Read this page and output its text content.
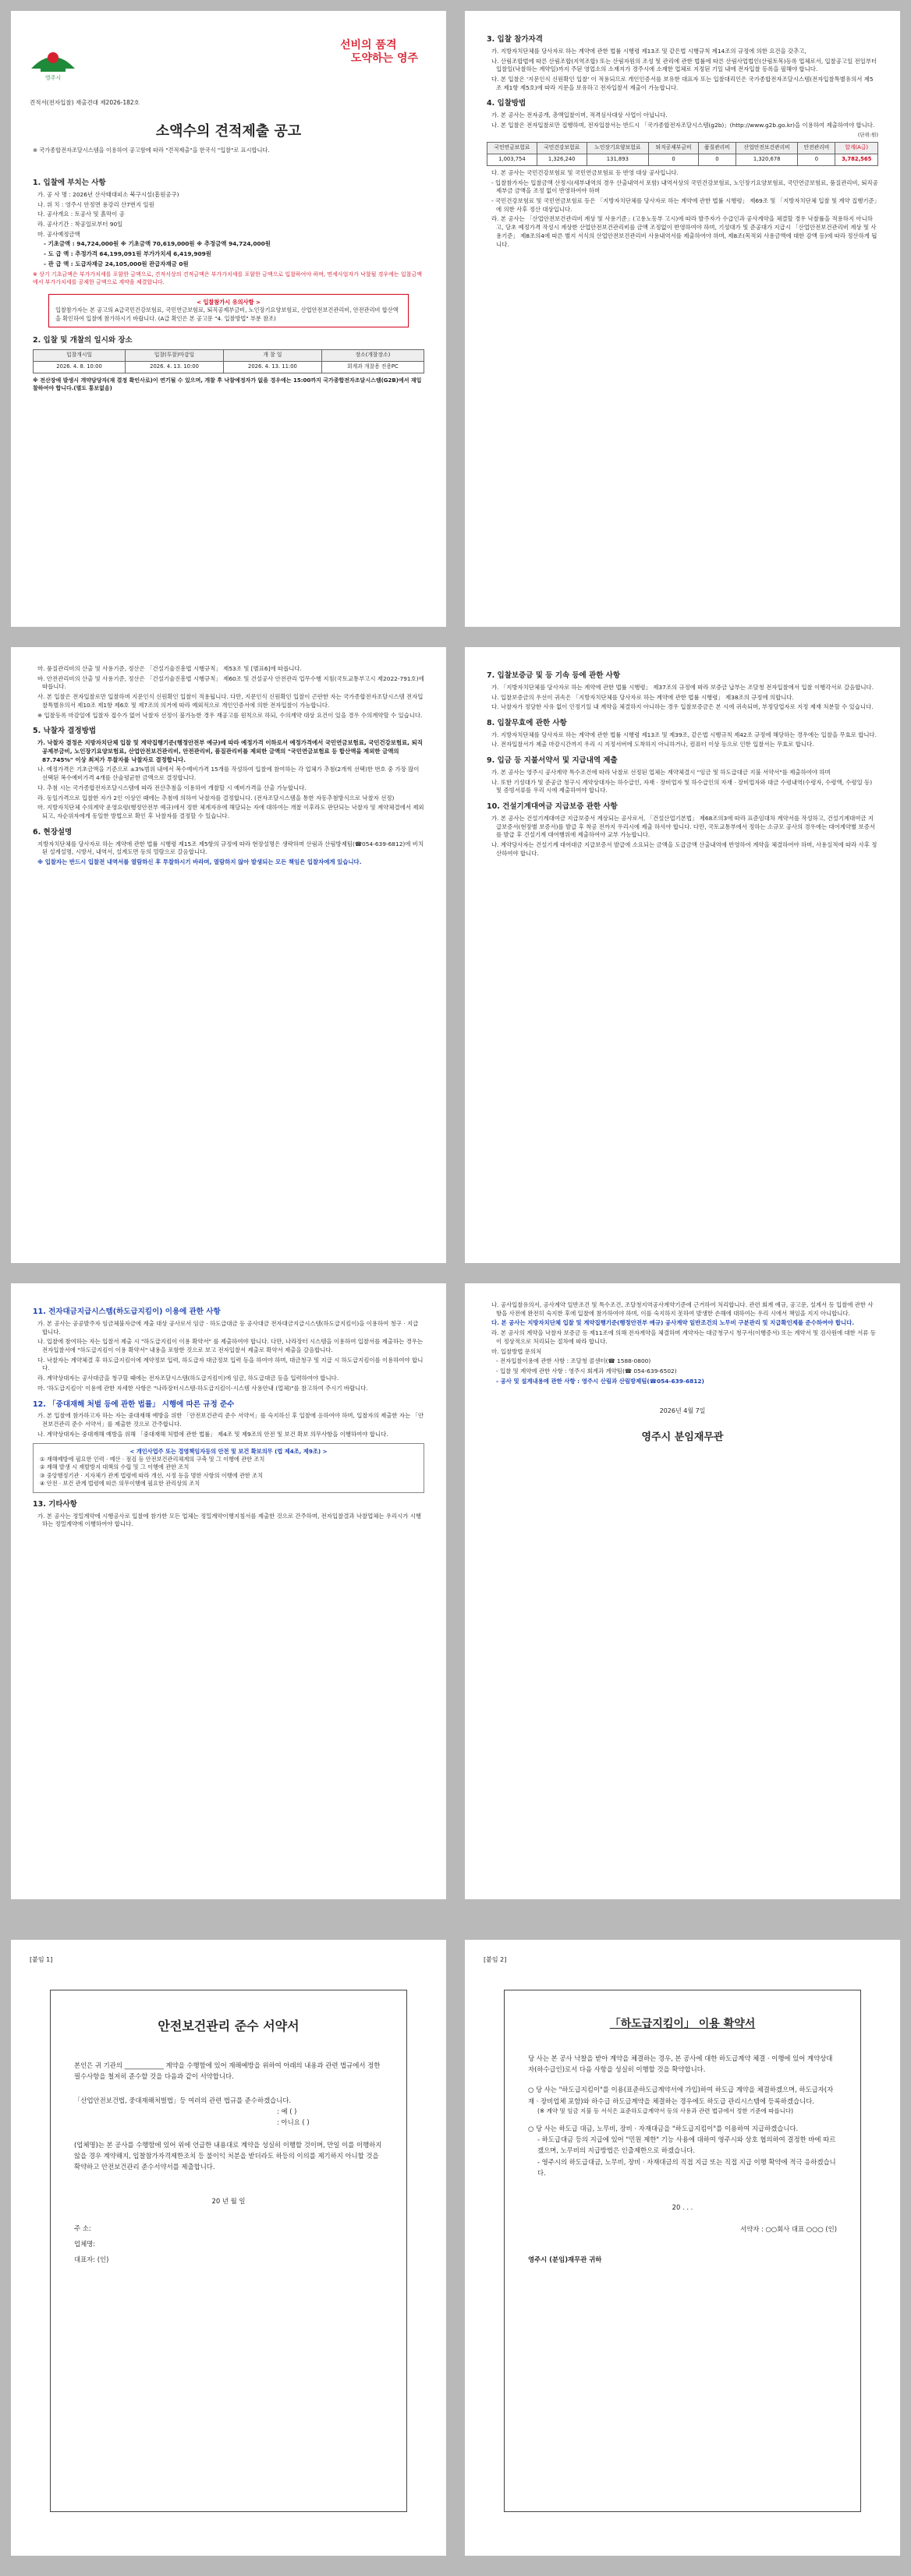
영주시
선비의 품격
도약하는 영주
견적서(전자입찰) 재출견대 제2026-182호
소액수의 견적제출 공고
※ 국가종합전자조달시스템을 이용하여 공고함에 따라 "견적제출"을 한국식 "입찰"로 표시합니다.
1. 입찰에 부치는 사항
가. 공 사 명 : 2026년 산사태대피소 북구시설(흠원공구)
나. 위 치 : 영주시 안정면 용강리 산7번지 일원
다. 공사개요 : 토공사 및 흙막이 공
라. 공사기간 : 착공일로부터 90일
마. 공사예정금액
- 기초금액 : 94,724,000원 ※ 기초금액 70,619,000원 ※ 추정금액 94,724,000원
- 도 급 액 : 추정가격 64,199,091원 부가가치세 6,419,909원
- 관 급 액 : 도급자재금 24,105,000원 관급자재금 0원
※ 상기 기초금액은 부가가치세를 포함한 금액으로, 견적서상의 견적금액은 부가가치세를 포함한 금액으로 입찰하여야 하며, 면세사업자가 낙찰될 경우에는 입찰금액에서 부가가치세를 공제한 금액으로 계약을 체결합니다.
< 입찰참가시 유의사항 >
입찰참가자는 본 공고의 A급국민건강보험료, 국민연금보험료, 퇴직공제부금비, 노인장기요양보험료, 산업안전보건관리비, 안전관리비 합산액을 확인하여 입찰에 참가하시기 바랍니다. (A급 확인은 본 공고문 "4. 입찰방법" 부분 참조)
2. 입찰 및 개찰의 일시와 장소
입찰개시일	입찰(투찰)마감일	개 찰 일	장소(개찰장소)
2026. 4. 8. 10:00	2026. 4. 13. 10:00	2026. 4. 13. 11:00	회계과 개찰용 전용PC
※ 전산장애 발생시 개약담당자(재 결정 확인사로)이 연기될 수 있으며, 개찰 후 낙찰예정자가 없을 경우에는 15:00까지 국가종합전자조달시스템(G2B)에서 재입찰하여야 합니다.(별도 통보없음)
3. 입찰 참가자격
가. 지방자치단체를 당사자로 하는 계약에 관한 법률 시행령 제13조 및 같은법 시행규칙 제14조의 규정에 의한 요건을 갖추고,
나. 산림조합법에 따른 산림조합(지역조합) 또는 산림자원의 조성 및 관리에 관한 법률에 따른 산림사업법인(산림토목)등록 업체로서, 입찰공고일 전일부터 입찰일(낙찰하는 계약일)까지 주된 영업소의 소재지가 경주시에 소재한 업체로 지정된 기일 내에 전자입찰 등록을 필해야 합니다.
다. 본 입찰은 '지문인식 신원확인 입찰' 이 적용되므로 개인인증서를 보유한 대표자 또는 입찰대리인은 국가종합전자조달시스템(전자입찰특별유의서 제5조 제1항 제5호)에 따라 지문을 보유하고 전자입찰서 제출이 가능합니다.
4. 입찰방법
가. 본 공사는 전자공개, 총액입찰이며, 적격심사대상 사업이 아닙니다.
나. 본 입찰은 전자입찰로만 집행하며, 전자입찰서는 반드시 「국가종합전자조달시스템(g2b)」(http://www.g2b.go.kr)을 이용하여 제출하여야 합니다.
(단위:원)
국민연금보험료	국민건강보험료	노인장기요양보험료	퇴직공제부금비	품질관리비	산업안전보건관리비	안전관리비	합계(A급)
1,003,754	1,326,240	131,893	0	0	1,320,678	0	3,782,565
다. 본 공사는 국민건강보험료 및 국민연금보험료 등 반영 대상 공사입니다.
- 입찰참가자는 입찰금액 산정시(세부내역의 경우 산출내역서 포함) 내역서상의 국민건강보험료, 노인장기요양보험료, 국민연금보험료, 품질관리비, 퇴직공제부금 금액을 조정 없이 반영하여야 하며
- 국민건강보험료 및 국민연금보험료 등은 「지방자치단체를 당사자로 하는 계약에 관한 법률 시행령」 제69조 및 「지방자치단체 입찰 및 계약 집행기준」에 의한 사후 정산 대상입니다.
라. 본 공사는 「산업안전보건관리비 계상 및 사용기준」(고용노동부 고시)에 따라 발주자가 수급인과 공사계약을 체결할 경우 낙찰률을 적용하지 아니하고, 당초 예정가격 작성시 계상한 산업안전보건관리비를 금액 조정없이 반영하여야 하며, 기성대가 및 준공대가 지급시 「산업안전보건관리비 계상 및 사용기준」 제8조의4에 따른 별지 서식의 산업안전보건관리비 사용내역서를 제출하여야 하며, 제8조(목적외 사용금액에 대한 감액 등)에 따라 정산하게 됩니다.
마. 품질관리비의 산출 및 사용기준, 정산은 「건설기술진흥법 시행규칙」 제53조 및 [별표6]에 따릅니다.
바. 안전관리비의 산출 및 사용기준, 정산은 「건설기술진흥법 시행규칙」 제60조 및 건설공사 안전관리 업무수행 지침(국토교통부고시 제2022-791호)에 따릅니다.
사. 본 입찰은 전자입찰로만 입찰하며 지문인식 신원확인 입찰이 적용됩니다. 다만, 지문인식 신원확인 입찰이 곤란한 자는 국가종합전자조달시스템 전자입찰특별유의서 제10조 제1항 제6호 및 제7조의 의거에 따라 예외적으로 개인인증서에 의한 전자입찰이 가능합니다.
※ 입찰등록 마감일에 입찰자 접수가 없어 낙찰자 선정이 불가능한 경우 재공고를 원칙으로 하되, 수의계약 대상 요건이 있을 경우 수의계약할 수 있습니다.
5. 낙찰자 결정방법
가. 낙찰자 결정은 지방자치단체 입찰 및 계약집행기준(행정안전부 예규)에 따라 예정가격 이하로서 예정가격에서 국민연금보험료, 국민건강보험료, 퇴직공제부금비, 노인장기요양보험료, 산업안전보건관리비, 안전관리비, 품질관리비를 제외한 금액의 "국민연금보험료 등 합산액을 제외한 금액의 87.745%" 이상 최저가 투찰자를 낙찰자로 결정합니다.
나. 예정가격은 기초금액을 기준으로 ±3%범위 내에서 복수예비가격 15개를 작성하여 입찰에 참여하는 각 업체가 추첨(2개씩 선택)한 번호 중 가장 많이 선택된 복수예비가격 4개를 산술평균한 금액으로 결정합니다.
다. 추첨 시는 국가종합전자조달시스템에 따라 전산추첨을 이용하여 개찰할 시 예비가격을 산출 가능합니다.
라. 동일가격으로 입찰한 자가 2인 이상인 때에는 추첨에 의하여 낙찰자를 결정합니다. (전자조달시스템을 통한 자동추첨방식으로 낙찰자 선정)
마. 지방자치단체 수의계약 운영요령(행정안전부 예규)에서 정한 체계자유에 해당되는 자에 대하여는 개찰 이후라도 판단되는 낙찰자 및 계약체결에서 제외되고, 자순위자에게 동일한 방법으로 확인 후 낙찰자를 결정할 수 있습니다.
6. 현장설명
지방자치단체를 당사자로 하는 계약에 관한 법률 시행령 제15조 제5항의 규정에 따라 현장설명은 생략하며 산림과 산림방제팀(☎054-639-6812)에 비치된 설계설명, 시방서, 내역서, 설계도면 등의 열람으로 갈음합니다.
※ 입찰자는 반드시 입찰전 내역서를 열람하신 후 투찰하시기 바라며, 열람하지 않아 발생되는 모든 책임은 입찰자에게 있습니다.
7. 입찰보증금 및 등 기속 등에 관한 사항
가. 「지방자치단체를 당사자로 하는 계약에 관한 법률 시행령」 제37조의 규정에 따라 보증금 납부는 조달청 전자입찰에서 입찰 이행각서로 갈음합니다.
나. 입찰보증금의 우선이 귀속은 「지방자치단체를 당사자로 하는 계약에 관한 법률 시행령」 제38조의 규정에 의합니다.
다. 낙찰자가 정당한 사유 없이 인정기일 내 계약을 체결하지 아니하는 경우 입찰보증금은 본 시에 귀속되며, 부정당업자로 지정 제재 처분할 수 있습니다.
8. 입찰무효에 관한 사항
가. 지방자치단체를 당사자로 하는 계약에 관한 법률 시행령 제13조 및 제39조, 같은법 시행규칙 제42조 규정에 해당하는 경우에는 입찰을 무효로 합니다.
나. 전자입찰서가 제출 마감시간까지 우리 시 지정서버에 도착하지 아니하거나, 컴퓨터 이상 등으로 인한 입찰서는 무효로 합니다.
9. 입금 등 지불서약서 및 지급내역 제출
가. 본 공사는 영주시 공사계약 특수조건에 따라 낙찰로 선정된 업체는 계약체결시 "임금 및 하도급대금 지불 서약서"를 제출하여야 하며
나. 또한 기성대가 및 준공금 청구시 계약상대자는 하수급인, 자재 · 장비업자 및 하수급인의 자재 · 장비업자와 대금 수령내역(수령자, 수령액, 수령일 등) 및 증빙서류를 우리 시에 제출하여야 합니다.
10. 건설기계대여금 지급보증 관한 사항
가. 본 공사는 건설기계대여금 지급보증서 계상되는 공사로서, 「건설산업기본법」 제68조의3에 따라 표준임대차 계약서를 작성하고, 건설기계대여금 지급보증서(현장별 보증서)를 발급 후 착공 전까지 우리시에 제출 하셔야 합니다. 다만, 국토교통부에서 정하는 소규모 공사의 경우에는 대여계약별 보증서를 발급 후 건설기계 대여행위에 제출하여야 교부 가능합니다.
나. 계약당사자는 건설기계 대여대금 지급보증서 발급에 소요되는 금액을 도급금액 산출내역에 반영하여 계약을 체결하여야 하며, 사용실적에 따라 사후 정산하여야 합니다.
11. 전자대금지급시스템(하도급지킴이) 이용에 관한 사항
가. 본 공사는 공공발주자 임금체불자금에 계출 대상 공사로서 임금 · 하도급대금 등 공사대금 전자대금지급시스템(하도급지킴이)을 이용하여 청구 · 지급 합니다.
나. 입찰에 참여하는 자는 입찰서 제출 시 "하도급지킴이 이용 확약서" 를 제출하여야 합니다. 다만, 나라장터 시스템을 이용하여 입찰서를 제출하는 경우는 전자입찰서에 "하도급지킴이 이용 확약서" 내용을 포함한 것으로 보고 전자입찰서 제출로 확약서 제출을 갈음합니다.
다. 낙찰자는 계약체결 후 하도급지킴이에 계약정보 입력, 하도급자 대금정보 입력 등을 하여야 하며, 대금청구 및 지급 시 하도급지킴이를 이용하여야 합니다.
라. 계약상대자는 공사대금을 청구할 때에는 전자조달시스템(하도급지킴이)에 임금, 하도급대금 등을 입력하여야 합니다.
마. '하도급지킴이' 이용에 관한 자세한 사항은 "나라장터시스템-하도급지킴이-시스템 사용안내 (업체)"를 참고하여 주시기 바랍니다.
12. 「중대재해 처벌 등에 관한 법률」 시행에 따른 규정 준수
가. 본 입찰에 참가하고자 하는 자는 중대재해 예방을 위한 「안전보건관리 준수 서약서」를 숙지하신 후 입찰에 응하여야 하며, 입찰자의 제출한 자는 「안전보건관리 준수 서약서」를 제출한 것으로 간주합니다.
나. 계약상대자는 중대재해 예방을 위해 「중대재해 처벌에 관한 법률」 제4조 및 제9조의 안전 및 보건 확보 의무사항을 이행하여야 합니다.
< 개인사업주 또는 경영책임자등의 안전 및 보건 확보의무 (법 제4조, 제9조) >
① 재해예방에 필요한 인력 · 예산 · 점검 등 안전보건관리체계의 구축 및 그 이행에 관한 조치
② 재해 발생 시 재발방지 대책의 수립 및 그 이행에 관한 조치
③ 중앙행정기관 · 지자체가 관계 법령에 따라 개선, 시정 등을 명한 사항의 이행에 관한 조치
④ 안전 · 보건 관계 법령에 따른 의무이행에 필요한 관리상의 조치
13. 기타사항
가. 본 공사는 정밀계약에 시행공사로 입찰에 참가한 모든 업체는 정밀계약이행지침서를 제출한 것으로 간주하며, 전자입찰결과 낙찰업체는 우리시가 시행하는 정밀계약에 이행하여야 합니다.
나. 공사입찰유의서, 공사계약 일반조건 및 특수조건, 조달청지역공사계약기준에 근거하여 처리합니다. 관련 회계 예규, 공고문, 설계서 등 입찰에 관한 사항을 사전에 완전히 숙지한 후에 입찰에 참가하여야 하며, 이를 숙지하지 못하여 발생한 손해에 대하여는 우리 시에서 책임을 지지 아니합니다.
다. 본 공사는 지방자치단체 입찰 및 계약집행기준(행정안전부 예규) 공사계약 일반조건의 노무비 구분관리 및 지급확인제를 준수하여야 합니다.
라. 본 공사의 계약을 낙찰자 보증금 등 제11조에 의해 전자계약을 체결하며 계약자는 대금청구시 청구서(이행증서) 또는 계약서 및 검사원에 대한 서류 등이 정상적으로 처리되는 절차에 따라 합니다.
마. 입찰방법 문의처
- 전자입찰이용에 관한 사항 : 조달청 콜센터(☎ 1588-0800)
- 입찰 및 계약에 관한 사항 : 영주시 회계과 계약팀(☎ 054-639-6502)
- 공사 및 설계내용에 관한 사항 : 영주시 산림과 산림방제팀(☎054-639-6812)
2026년 4월 7일
영주시 분임재무관
[붙임 1]
안전보건관리 준수 서약서
본인은 귀 기관의 ____________ 계약을 수행함에 있어 재해예방을 위하여 아래의 내용과 관련 법규에서 정한 필수사항을 철저히 준수할 것을 다음과 같이 서약합니다.
「산업안전보건법, 중대재해처벌법」등 여러의 관련 법규를 준수하겠습니다.
: 예 ( )
: 아니요 ( )
(업체명)는 본 공사를 수행함에 있어 위에 언급한 내용대로 계약을 성실히 이행할 것이며, 만일 이를 이행하지 않을 경우 계약해지, 입찰참가자격제한조치 등 불이익 처분을 받더라도 하등의 이의를 제기하지 아니할 것을 확약하고 안전보건관리 준수서약서를 제출합니다.
20 년 월 일
주 소:
업체명:
대표자: (인)
[붙임 2]
「하도급지킴이」 이용 확약서
당 사는 본 공사 낙찰을 받아 계약을 체결하는 경우, 본 공사에 대한 하도급계약 체결 · 이행에 있어 계약상대자(하수급인)로서 다음 사항을 성실히 이행할 것을 확약합니다.
○ 당 사는 "하도급지킴이"를 이용(표준하도급계약서에 가입)하여 하도급 계약을 체결하겠으며, 하도급자(자재 · 장비업체 포함)와 하수급 하도급계약을 체결하는 경우에도 하도급 관리시스템에 등록하겠습니다.
(※ 계약 및 임금 지불 등 서식은 표준하도급계약서 등의 사용과 관련 법규에서 정한 기준에 따릅니다)
○ 당 사는 하도급 대금, 노무비, 장비 · 자재대금을 "하도급지킴이"를 이용하여 지급하겠습니다.
- 하도급대금 등의 지급에 있어 "민원 제한" 기능 사용에 대하여 영주시와 상호 협의하여 결정한 바에 따르겠으며, 노무비의 지급방법은 인출제한으로 하겠습니다.
- 영주시의 하도급대금, 노무비, 장비 · 자재대금의 직접 지급 또는 직접 지급 이행 확약에 적극 응하겠습니다.
20 . . .
서약자 : ○○회사 대표 ○○○ (인)
영주시 (분임)재무관 귀하
